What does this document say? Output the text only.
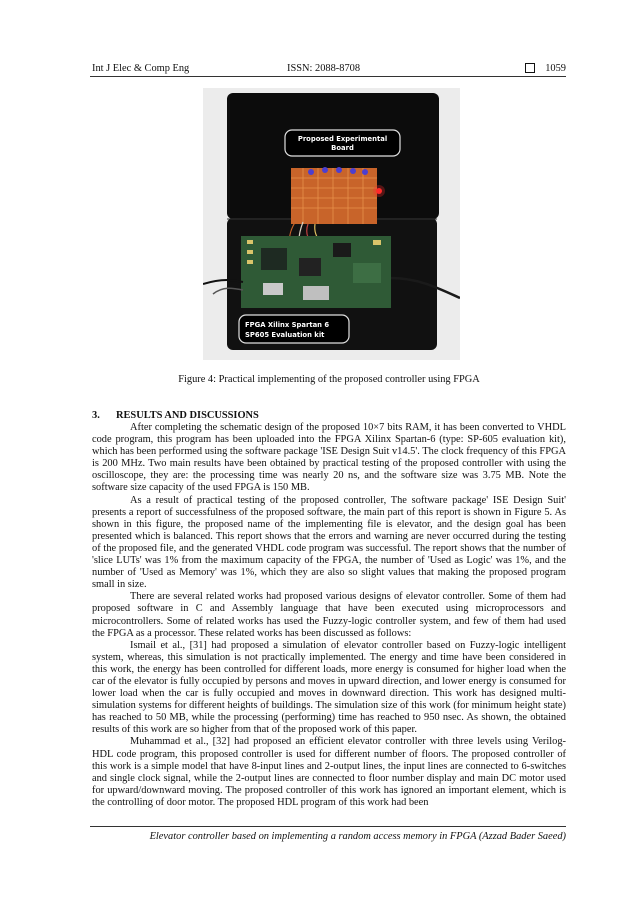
Int J Elec & Comp Eng	ISSN: 2088-8708	1059
Proposed Experimental
Board
FPGA Xilinx Spartan 6
SP605 Evaluation kit
Figure 4: Practical implementing of the proposed controller using FPGA
3. RESULTS AND DISCUSSIONS

After completing the schematic design of the proposed 10×7 bits RAM, it has been converted to VHDL code program, this program has been uploaded into the FPGA Xilinx Spartan-6 (type: SP-605 evaluation kit), which has been performed using the software package 'ISE Design Suit v14.5'. The clock frequency of this FPGA is 200 MHz. Two main results have been obtained by practical testing of the proposed controller with using the oscilloscope, they are: the processing time was nearly 20 ns, and the software size was 3.75 MB. Note the software size capacity of the used FPGA is 150 MB.

As a result of practical testing of the proposed controller, The software package' ISE Design Suit' presents a report of successfulness of the proposed software, the main part of this report is shown in Figure 5. As shown in this figure, the proposed name of the implementing file is elevator, and the design goal has been presented which is balanced. This report shows that the errors and warning are never occurred during the testing of the proposed file, and the generated VHDL code program was successful. The report shows that the number of 'slice LUTs' was 1% from the maximum capacity of the FPGA, the number of 'Used as Logic' was 1%, and the number of 'Used as Memory' was 1%, which they are also so slight values that making the proposed program small in size.

There are several related works had proposed various designs of elevator controller. Some of them had proposed software in C and Assembly language that have been executed using microprocessors and microcontrollers. Some of related works has used the Fuzzy-logic controller system, and few of them had used the FPGA as a processor. These related works has been discussed as follows:

Ismail et al., [31] had proposed a simulation of elevator controller based on Fuzzy-logic intelligent system, whereas, this simulation is not practically implemented. The energy and time have been considered in this work, the energy has been controlled for different loads, more energy is consumed for higher load when the car of the elevator is fully occupied by persons and moves in upward direction, and lower energy is consumed for lower load when the car is fully occupied and moves in downward direction. This work has designed multi-simulation systems for different heights of buildings. The simulation size of this work (for minimum height state) has reached to 50 MB, while the processing (performing) time has reached to 950 nsec. As shown, the obtained results of this work are so higher from that of the proposed work of this paper.

Muhammad et al., [32] had proposed an efficient elevator controller with three levels using Verilog-HDL code program, this proposed controller is used for different number of floors. The proposed controller of this work is a simple model that have 8-input lines and 2-output lines, the input lines are connected to 6-switches and single clock signal, while the 2-output lines are connected to floor number display and main DC motor used for upward/downward moving. The proposed controller of this work has ignored an important element, which is the controlling of door motor. The proposed HDL program of this work had been

Elevator controller based on implementing a random access memory in FPGA (Azzad Bader Saeed)
